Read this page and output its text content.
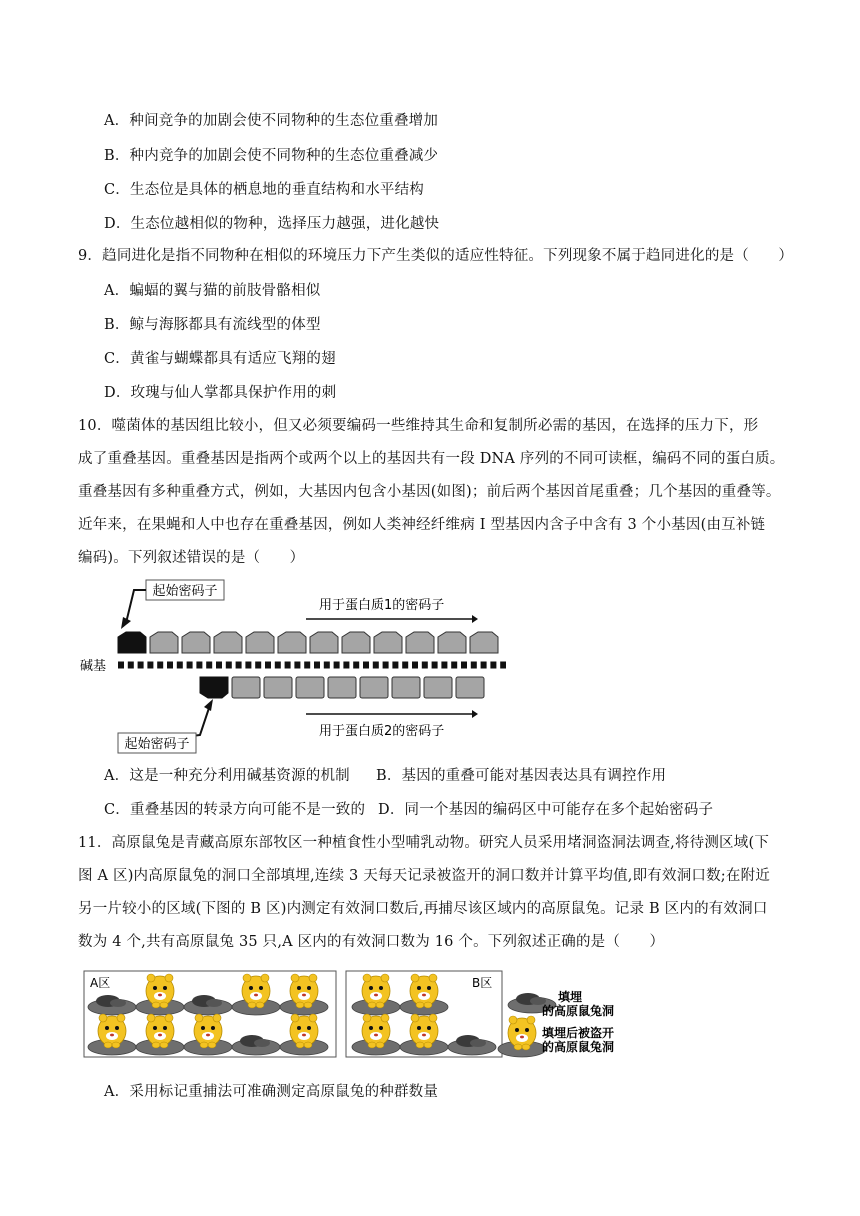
A．种间竞争的加剧会使不同物种的生态位重叠增加
B．种内竞争的加剧会使不同物种的生态位重叠减少
C．生态位是具体的栖息地的垂直结构和水平结构
D．生态位越相似的物种，选择压力越强，进化越快
9．趋同进化是指不同物种在相似的环境压力下产生类似的适应性特征。下列现象不属于趋同进化的是（　　）
A．蝙蝠的翼与猫的前肢骨骼相似
B．鲸与海豚都具有流线型的体型
C．黄雀与蝴蝶都具有适应飞翔的翅
D．玫瑰与仙人掌都具保护作用的刺
10．噬菌体的基因组比较小，但又必须要编码一些维持其生命和复制所必需的基因，在选择的压力下，形
成了重叠基因。重叠基因是指两个或两个以上的基因共有一段 DNA 序列的不同可读框，编码不同的蛋白质。
重叠基因有多种重叠方式，例如，大基因内包含小基因(如图)；前后两个基因首尾重叠；几个基因的重叠等。
近年来，在果蝇和人中也存在重叠基因，例如人类神经纤维病 I 型基因内含子中含有 3 个小基因(由互补链
编码)。下列叙述错误的是（　　）
起始密码子
用于蛋白质1的密码子
碱基
用于蛋白质2的密码子
起始密码子
A．这是一种充分利用碱基资源的机制 B．基因的重叠可能对基因表达具有调控作用
C．重叠基因的转录方向可能不是一致的 D．同一个基因的编码区中可能存在多个起始密码子
11．高原鼠兔是青藏高原东部牧区一种植食性小型哺乳动物。研究人员采用堵洞盗洞法调查,将待测区域(下
图 A 区)内高原鼠兔的洞口全部填埋,连续 3 天每天记录被盗开的洞口数并计算平均值,即有效洞口数;在附近
另一片较小的区域(下图的 B 区)内测定有效洞口数后,再捕尽该区域内的高原鼠兔。记录 B 区内的有效洞口
数为 4 个,共有高原鼠兔 35 只,A 区内的有效洞口数为 16 个。下列叙述正确的是（　　）
A区	B区
填埋
的高原鼠兔洞
填埋后被盗开
的高原鼠兔洞
A．采用标记重捕法可准确测定高原鼠兔的种群数量
